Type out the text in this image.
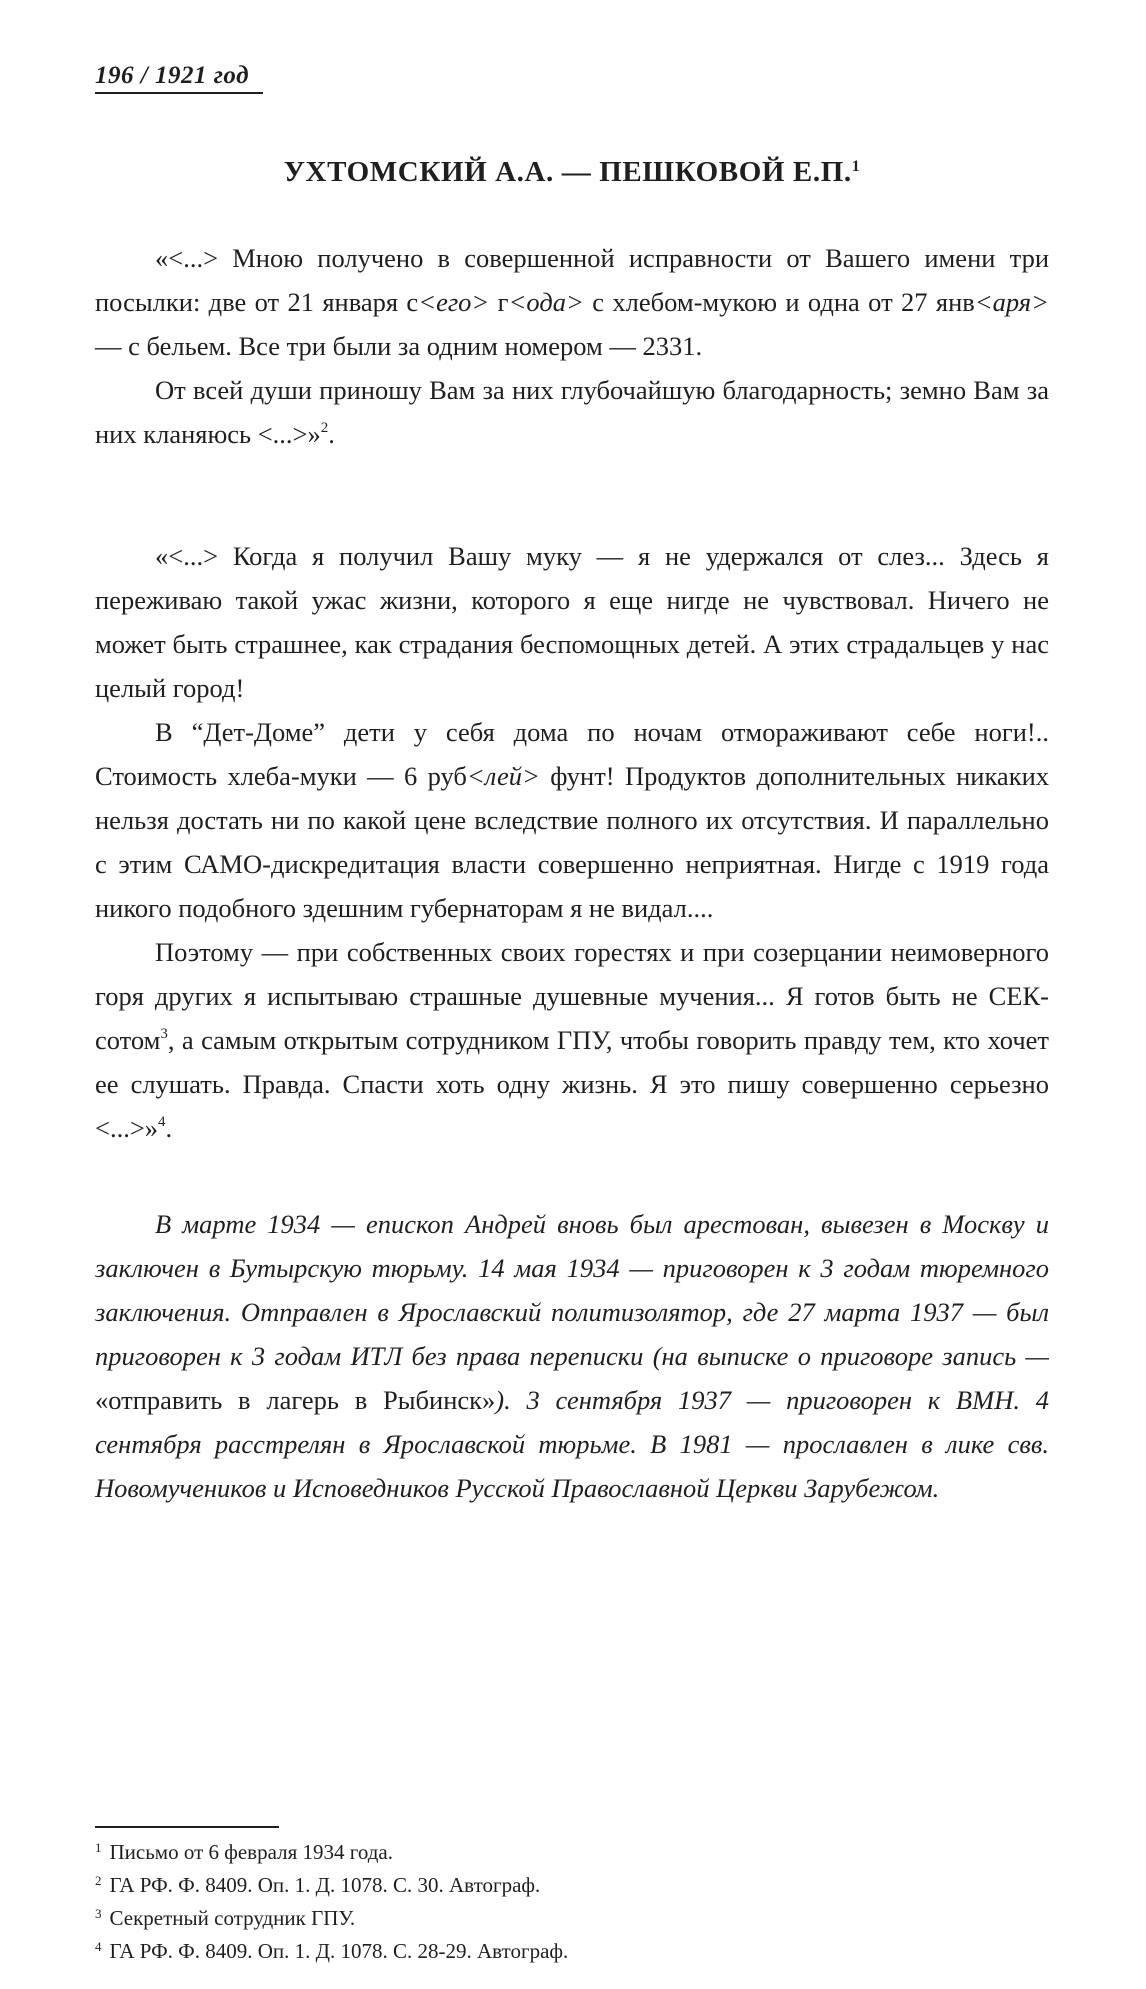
196 / 1921 год
УХТОМСКИЙ А.А. — ПЕШКОВОЙ Е.П.$^1$

«<...> Мною получено в совершенной исправности от Вашего имени три посылки: две от 21 января с<его> г<ода> с хлебом-мукою и одна от 27 янв<аря> — с бельем. Все три были за одним номером — 2331.

От всей души приношу Вам за них глубочайшую благодарность; земно Вам за них кланяюсь <...>»$^2$.

«<...> Когда я получил Вашу муку — я не удержался от слез... Здесь я переживаю такой ужас жизни, которого я еще нигде не чувствовал. Ничего не может быть страшнее, как страдания беспомощных детей. А этих страдальцев у нас целый город!

В “Дет-Доме” дети у себя дома по ночам отмораживают себе ноги!.. Стоимость хлеба-муки — 6 руб<лей> фунт! Продуктов дополнительных никаких нельзя достать ни по какой цене вследствие полного их отсутствия. И параллельно с этим САМО-дискредитация власти совершенно неприятная. Нигде с 1919 года никого подобного здешним губернаторам я не видал....

Поэтому — при собственных своих горестях и при созерцании неимоверного горя других я испытываю страшные душевные мучения... Я готов быть не СЕК-сотом$^3$, а самым открытым сотрудником ГПУ, чтобы говорить правду тем, кто хочет ее слушать. Правда. Спасти хоть одну жизнь. Я это пишу совершенно серьезно <...>»$^4$.

В марте 1934 — епископ Андрей вновь был арестован, вывезен в Москву и заключен в Бутырскую тюрьму. 14 мая 1934 — приговорен к 3 годам тюремного заключения. Отправлен в Ярославский политизолятор, где 27 марта 1937 — был приговорен к 3 годам ИТЛ без права переписки (на выписке о приговоре запись — «отправить в лагерь в Рыбинск»). 3 сентября 1937 — приговорен к ВМН. 4 сентября расстрелян в Ярославской тюрьме. В 1981 — прославлен в лике свв. Новомучеников и Исповедников Русской Православной Церкви Зарубежом.

$^1$ Письмо от 6 февраля 1934 года.
$^2$ ГА РФ. Ф. 8409. Оп. 1. Д. 1078. С. 30. Автограф.
$^3$ Секретный сотрудник ГПУ.
$^4$ ГА РФ. Ф. 8409. Оп. 1. Д. 1078. С. 28-29. Автограф.
